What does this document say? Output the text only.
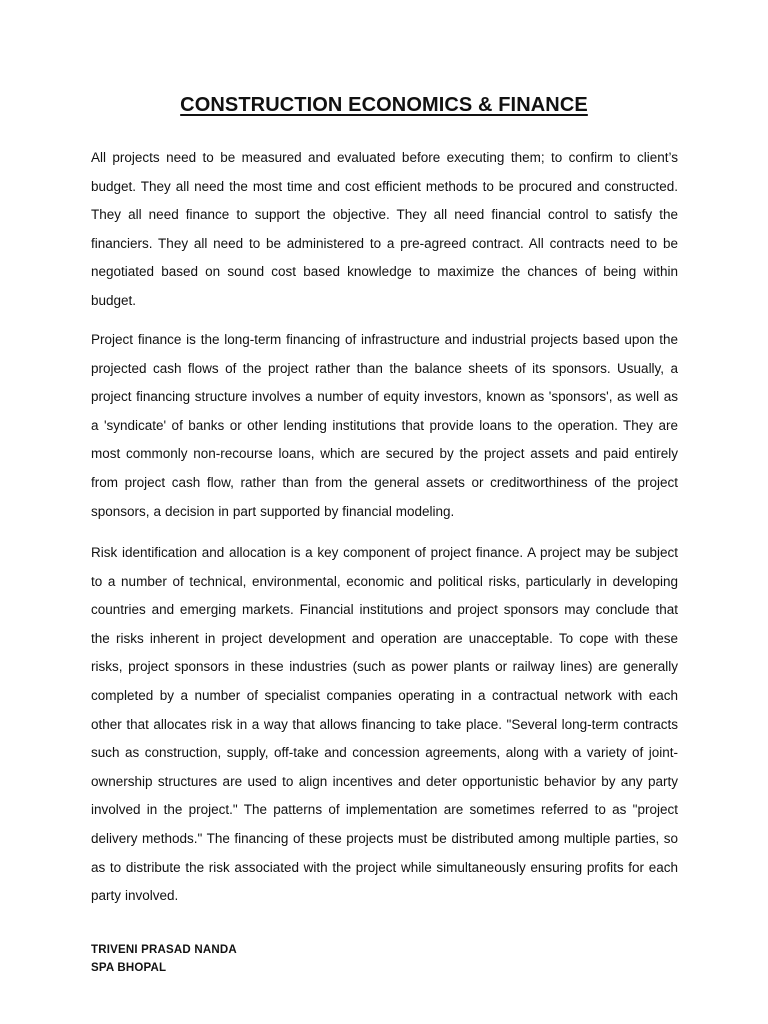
CONSTRUCTION ECONOMICS & FINANCE

All projects need to be measured and evaluated before executing them; to confirm to client’s budget. They all need the most time and cost efficient methods to be procured and constructed. They all need finance to support the objective. They all need financial control to satisfy the financiers. They all need to be administered to a pre-agreed contract. All contracts need to be negotiated based on sound cost based knowledge to maximize the chances of being within budget.

Project finance is the long-term financing of infrastructure and industrial projects based upon the projected cash flows of the project rather than the balance sheets of its sponsors. Usually, a project financing structure involves a number of equity investors, known as 'sponsors', as well as a 'syndicate' of banks or other lending institutions that provide loans to the operation. They are most commonly non-recourse loans, which are secured by the project assets and paid entirely from project cash flow, rather than from the general assets or creditworthiness of the project sponsors, a decision in part supported by financial modeling.

Risk identification and allocation is a key component of project finance. A project may be subject to a number of technical, environmental, economic and political risks, particularly in developing countries and emerging markets. Financial institutions and project sponsors may conclude that the risks inherent in project development and operation are unacceptable. To cope with these risks, project sponsors in these industries (such as power plants or railway lines) are generally completed by a number of specialist companies operating in a contractual network with each other that allocates risk in a way that allows financing to take place. "Several long-term contracts such as construction, supply, off-take and concession agreements, along with a variety of joint-ownership structures are used to align incentives and deter opportunistic behavior by any party involved in the project." The patterns of implementation are sometimes referred to as "project delivery methods." The financing of these projects must be distributed among multiple parties, so as to distribute the risk associated with the project while simultaneously ensuring profits for each party involved.

TRIVENI PRASAD NANDA

SPA BHOPAL
